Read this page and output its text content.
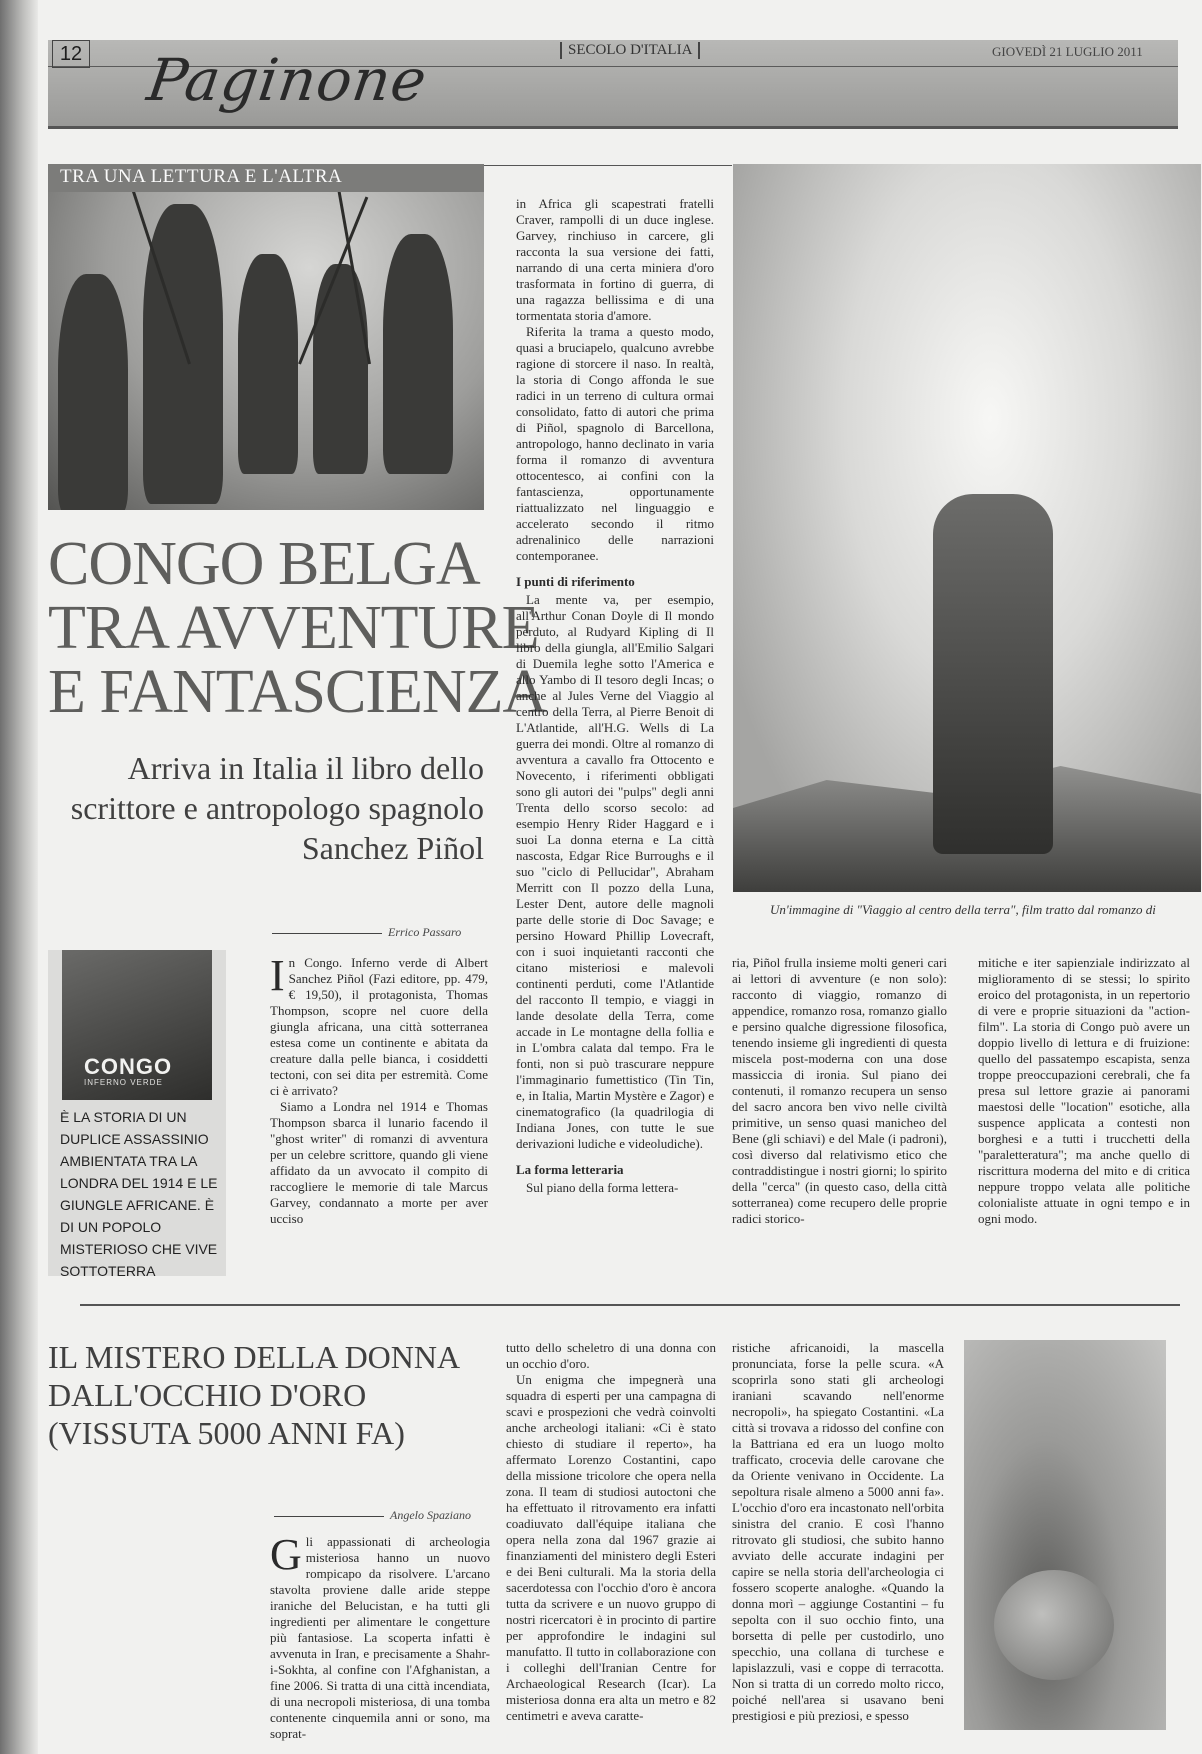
12 Paginone	SECOLO D'ITALIA	GIOVEDÌ 21 LUGLIO 2011
TRA UNA LETTURA E L'ALTRA
CONGO BELGA
TRA AVVENTURE
E FANTASCIENZA
Arriva in Italia il libro dello scrittore e antropologo spagnolo Sanchez Piñol
Errico Passaro
CONGO
INFERNO VERDE
È LA STORIA DI UN DUPLICE ASSASSINIO AMBIENTATA TRA LA LONDRA DEL 1914 E LE GIUNGLE AFRICANE. È DI UN POPOLO MISTERIOSO CHE VIVE SOTTOTERRA
I n Congo. Inferno verde di Albert Sanchez Piñol (Fazi editore, pp. 479, € 19,50), il protagonista, Thomas Thompson, scopre nel cuore della giungla africana, una città sotterranea estesa come un continente e abitata da creature dalla pelle bianca, i cosiddetti tectoni, con sei dita per estremità. Come ci è arrivato?

Siamo a Londra nel 1914 e Thomas Thompson sbarca il lunario facendo il "ghost writer" di romanzi di avventura per un celebre scrittore, quando gli viene affidato da un avvocato il compito di raccogliere le memorie di tale Marcus Garvey, condannato a morte per aver ucciso

in Africa gli scapestrati fratelli Craver, rampolli di un duce inglese. Garvey, rinchiuso in carcere, gli racconta la sua versione dei fatti, narrando di una certa miniera d'oro trasformata in fortino di guerra, di una ragazza bellissima e di una tormentata storia d'amore.

Riferita la trama a questo modo, quasi a bruciapelo, qualcuno avrebbe ragione di storcere il naso. In realtà, la storia di Congo affonda le sue radici in un terreno di cultura ormai consolidato, fatto di autori che prima di Piñol, spagnolo di Barcellona, antropologo, hanno declinato in varia forma il romanzo di avventura ottocentesco, ai confini con la fantascienza, opportunamente riattualizzato nel linguaggio e accelerato secondo il ritmo adrenalinico delle narrazioni contemporanee.

I punti di riferimento

La mente va, per esempio, all'Arthur Conan Doyle di Il mondo perduto, al Rudyard Kipling di Il libro della giungla, all'Emilio Salgari di Duemila leghe sotto l'America e allo Yambo di Il tesoro degli Incas; o anche al Jules Verne del Viaggio al centro della Terra, al Pierre Benoit di L'Atlantide, all'H.G. Wells di La guerra dei mondi. Oltre al romanzo di avventura a cavallo fra Ottocento e Novecento, i riferimenti obbligati sono gli autori dei "pulps" degli anni Trenta dello scorso secolo: ad esempio Henry Rider Haggard e i suoi La donna eterna e La città nascosta, Edgar Rice Burroughs e il suo "ciclo di Pellucidar", Abraham Merritt con Il pozzo della Luna, Lester Dent, autore delle magnoli parte delle storie di Doc Savage; e persino Howard Phillip Lovecraft, con i suoi inquietanti racconti che citano misteriosi e malevoli continenti perduti, come l'Atlantide del racconto Il tempio, e viaggi in lande desolate della Terra, come accade in Le montagne della follia e in L'ombra calata dal tempo. Fra le fonti, non si può trascurare neppure l'immaginario fumettistico (Tin Tin, e, in Italia, Martin Mystère e Zagor) e cinematografico (la quadrilogia di Indiana Jones, con tutte le sue derivazioni ludiche e videoludiche).

La forma letteraria

Sul piano della forma lettera-

ria, Piñol frulla insieme molti generi cari ai lettori di avventure (e non solo): racconto di viaggio, romanzo di appendice, romanzo rosa, romanzo giallo e persino qualche digressione filosofica, tenendo insieme gli ingredienti di questa miscela post-moderna con una dose massiccia di ironia. Sul piano dei contenuti, il romanzo recupera un senso del sacro ancora ben vivo nelle civiltà primitive, un senso quasi manicheo del Bene (gli schiavi) e del Male (i padroni), così diverso dal relativismo etico che contraddistingue i nostri giorni; lo spirito della "cerca" (in questo caso, della città sotterranea) come recupero delle proprie radici storico-

mitiche e iter sapienziale indirizzato al miglioramento di se stessi; lo spirito eroico del protagonista, in un repertorio di vere e proprie situazioni da "action-film". La storia di Congo può avere un doppio livello di lettura e di fruizione: quello del passatempo escapista, senza troppe preoccupazioni cerebrali, che fa presa sul lettore grazie ai panorami maestosi delle "location" esotiche, alla suspence applicata a contesti non borghesi e a tutti i trucchetti della "paraletteratura"; ma anche quello di riscrittura moderna del mito e di critica neppure troppo velata alle politiche colonialiste attuate in ogni tempo e in ogni modo.

Un'immagine di "Viaggio al centro della terra", film tratto dal romanzo di
IL MISTERO DELLA DONNA
DALL'OCCHIO D'ORO
(VISSUTA 5000 ANNI FA)
Angelo Spaziano
G li appassionati di archeologia misteriosa hanno un nuovo rompicapo da risolvere. L'arcano stavolta proviene dalle aride steppe iraniche del Belucistan, e ha tutti gli ingredienti per alimentare le congetture più fantasiose. La scoperta infatti è avvenuta in Iran, e precisamente a Shahr-i-Sokhta, al confine con l'Afghanistan, a fine 2006. Si tratta di una città incendiata, di una necropoli misteriosa, di una tomba contenente cinquemila anni or sono, ma soprat-

tutto dello scheletro di una donna con un occhio d'oro.

Un enigma che impegnerà una squadra di esperti per una campagna di scavi e prospezioni che vedrà coinvolti anche archeologi italiani: «Ci è stato chiesto di studiare il reperto», ha affermato Lorenzo Costantini, capo della missione tricolore che opera nella zona. Il team di studiosi autoctoni che ha effettuato il ritrovamento era infatti coadiuvato dall'équipe italiana che opera nella zona dal 1967 grazie ai finanziamenti del ministero degli Esteri e dei Beni culturali. Ma la storia della sacerdotessa con l'occhio d'oro è ancora tutta da scrivere e un nuovo gruppo di nostri ricercatori è in procinto di partire per approfondire le indagini sul manufatto. Il tutto in collaborazione con i colleghi dell'Iranian Centre for Archaeological Research (Icar). La misteriosa donna era alta un metro e 82 centimetri e aveva caratte-

ristiche africanoidi, la mascella pronunciata, forse la pelle scura. «A scoprirla sono stati gli archeologi iraniani scavando nell'enorme necropoli», ha spiegato Costantini. «La città si trovava a ridosso del confine con la Battriana ed era un luogo molto trafficato, crocevia delle carovane che da Oriente venivano in Occidente. La sepoltura risale almeno a 5000 anni fa». L'occhio d'oro era incastonato nell'orbita sinistra del cranio. E così l'hanno ritrovato gli studiosi, che subito hanno avviato delle accurate indagini per capire se nella storia dell'archeologia ci fossero scoperte analoghe. «Quando la donna morì – aggiunge Costantini – fu sepolta con il suo occhio finto, una borsetta di pelle per custodirlo, uno specchio, una collana di turchese e lapislazzuli, vasi e coppe di terracotta. Non si tratta di un corredo molto ricco, poiché nell'area si usavano beni prestigiosi e più preziosi, e spesso
